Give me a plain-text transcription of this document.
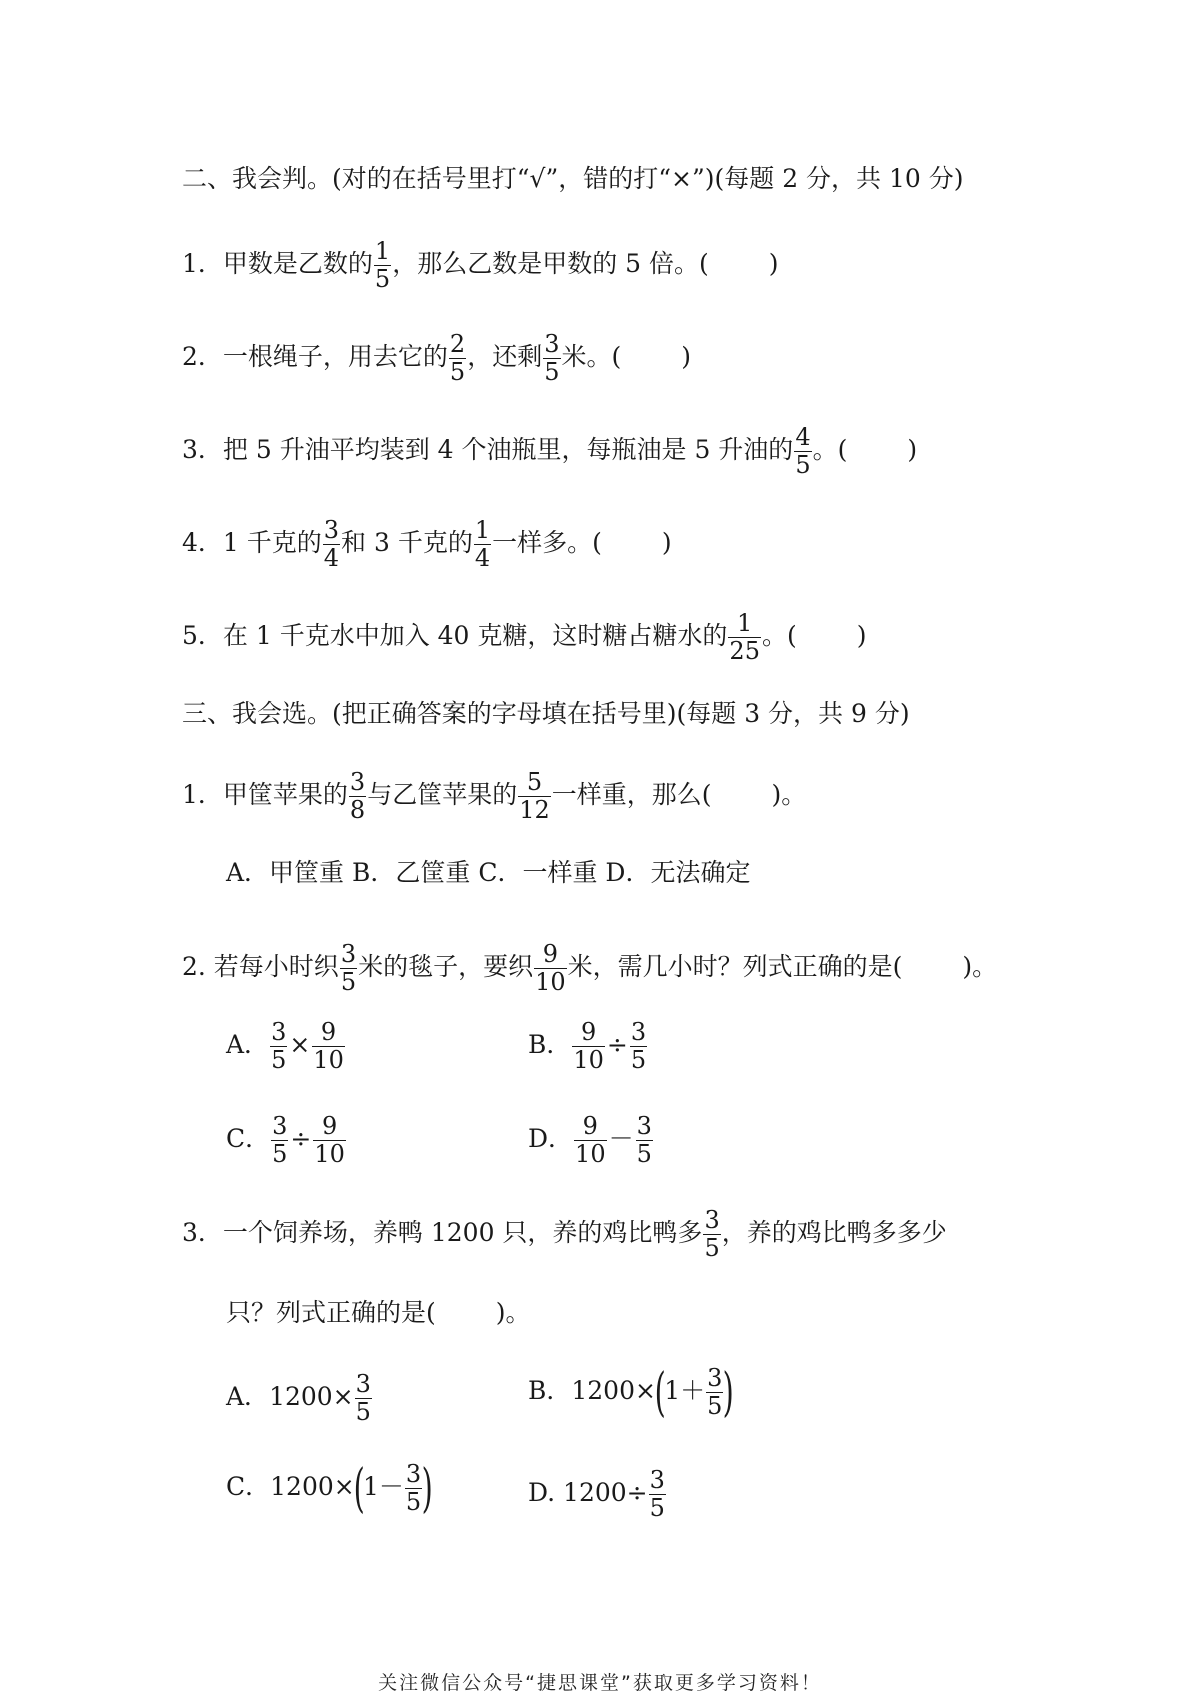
二、我会判。(对的在括号里打“√”，错的打“×”)(每题 2 分，共 10 分)
1．甲数是乙数的 $\frac{1}{5}$ ，那么乙数是甲数的 5 倍。( )
2．一根绳子，用去它的 $\frac{2}{5}$ ，还剩 $\frac{3}{5}$ 米。( )
3．把 5 升油平均装到 4 个油瓶里，每瓶油是 5 升油的 $\frac{4}{5}$ 。( )
4．1 千克的 $\frac{3}{4}$ 和 3 千克的 $\frac{1}{4}$ 一样多。( )
5．在 1 千克水中加入 40 克糖，这时糖占糖水的 $\frac{1}{25}$ 。( )
三、我会选。(把正确答案的字母填在括号里)(每题 3 分，共 9 分)
1．甲筐苹果的 $\frac{3}{8}$ 与乙筐苹果的 $\frac{5}{12}$ 一样重，那么( )。
A．甲筐重 B．乙筐重 C．一样重 D．无法确定
2. 若每小时织 $\frac{3}{5}$ 米的毯子，要织 $\frac{9}{10}$ 米，需几小时？列式正确的是( )。
A． $\frac{3}{5} \times \frac{9}{10}$	B． $\frac{9}{10} \div \frac{3}{5}$
C． $\frac{3}{5} \div \frac{9}{10}$	D． $\frac{9}{10} - \frac{3}{5}$
3．一个饲养场，养鸭 1200 只，养的鸡比鸭多 $\frac{3}{5}$ ，养的鸡比鸭多多少
只？列式正确的是( )。
A．$1200\times \frac{3}{5}$	B．$1200\times(1+ \frac{3}{5}$ )
C．$1200\times(1- \frac{3}{5}$ )	D. $1200\div \frac{3}{5}$
关注微信公众号“捷思课堂”获取更多学习资料！
